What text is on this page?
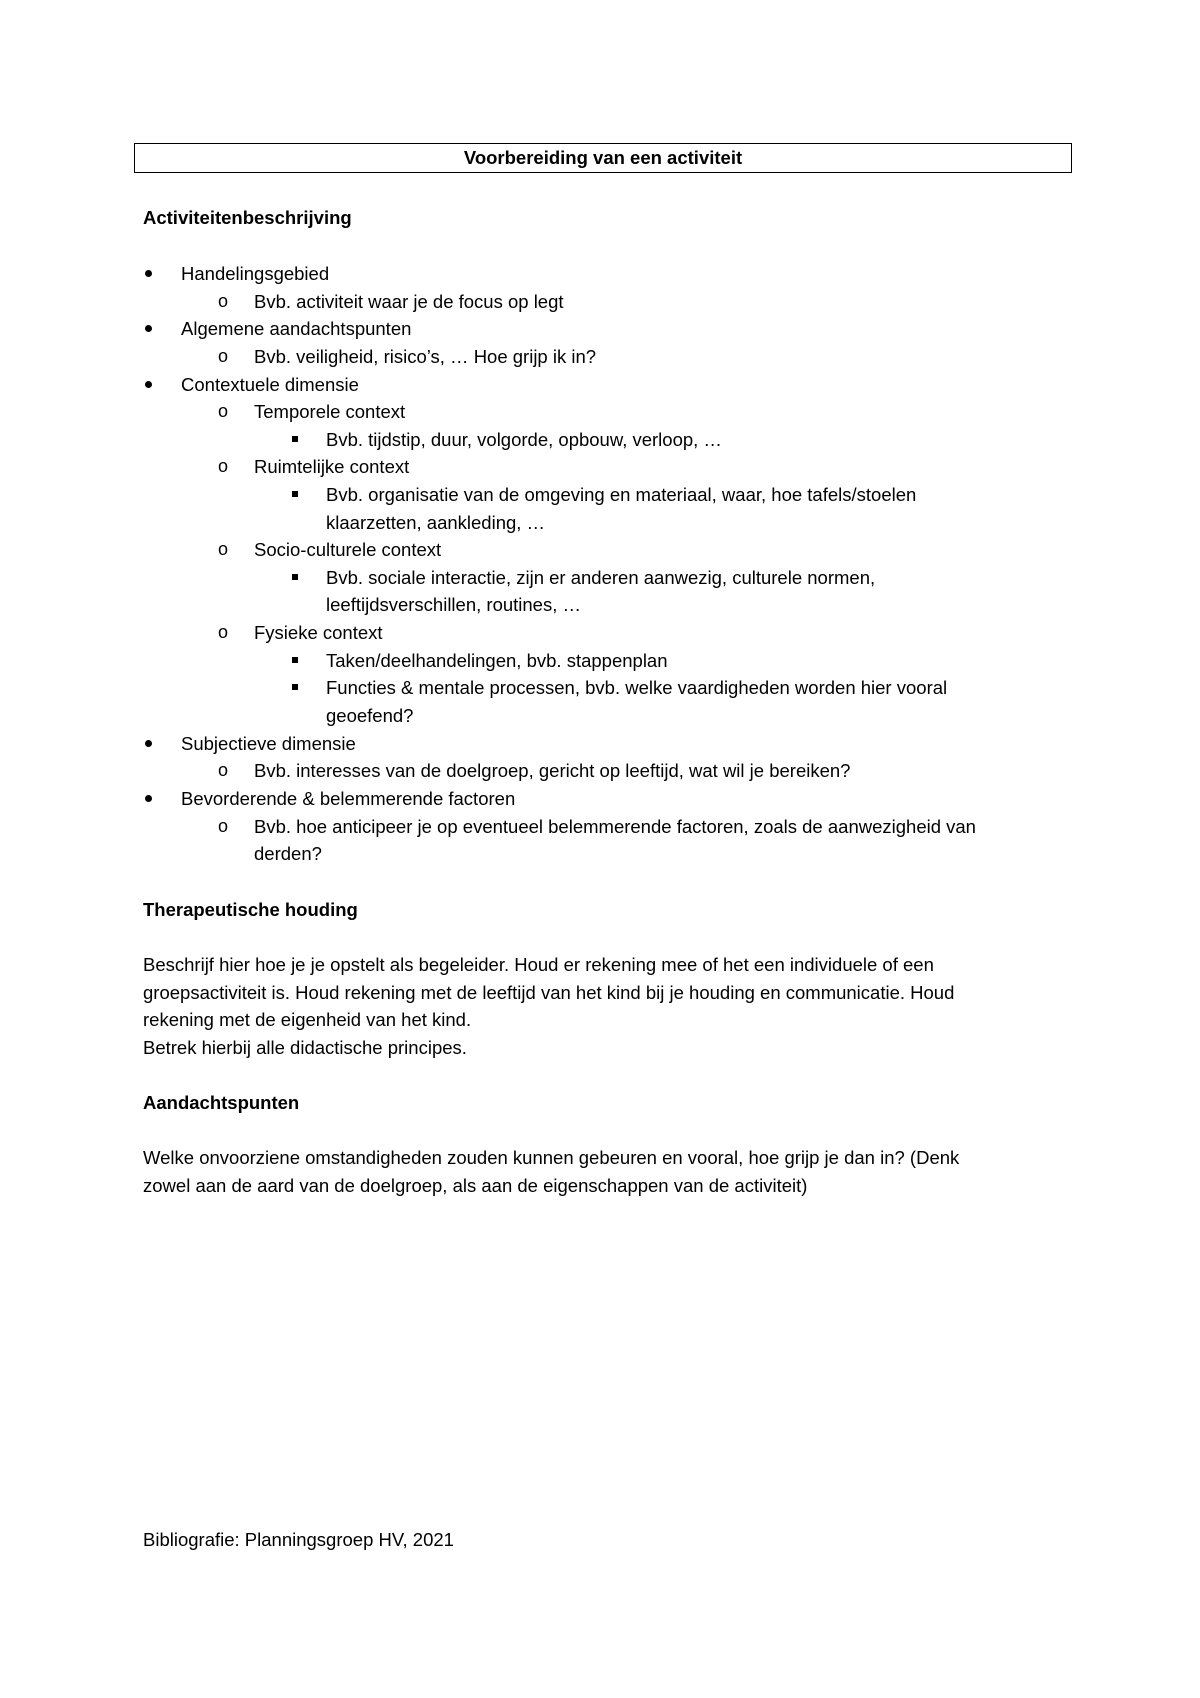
Voorbereiding van een activiteit
Activiteitenbeschrijving
Handelingsgebied
o Bvb. activiteit waar je de focus op legt
Algemene aandachtspunten
o Bvb. veiligheid, risico’s, … Hoe grijp ik in?
Contextuele dimensie
o Temporele context
Bvb. tijdstip, duur, volgorde, opbouw, verloop, …
o Ruimtelijke context
Bvb. organisatie van de omgeving en materiaal, waar, hoe tafels/stoelen
klaarzetten, aankleding, …
o Socio-culturele context
Bvb. sociale interactie, zijn er anderen aanwezig, culturele normen,
leeftijdsverschillen, routines, …
o Fysieke context
Taken/deelhandelingen, bvb. stappenplan
Functies & mentale processen, bvb. welke vaardigheden worden hier vooral
geoefend?
Subjectieve dimensie
o Bvb. interesses van de doelgroep, gericht op leeftijd, wat wil je bereiken?
Bevorderende & belemmerende factoren
o Bvb. hoe anticipeer je op eventueel belemmerende factoren, zoals de aanwezigheid van
derden?
Therapeutische houding
Beschrijf hier hoe je je opstelt als begeleider. Houd er rekening mee of het een individuele of een
groepsactiviteit is. Houd rekening met de leeftijd van het kind bij je houding en communicatie. Houd
rekening met de eigenheid van het kind.
Betrek hierbij alle didactische principes.
Aandachtspunten
Welke onvoorziene omstandigheden zouden kunnen gebeuren en vooral, hoe grijp je dan in? (Denk
zowel aan de aard van de doelgroep, als aan de eigenschappen van de activiteit)
Bibliografie: Planningsgroep HV, 2021
